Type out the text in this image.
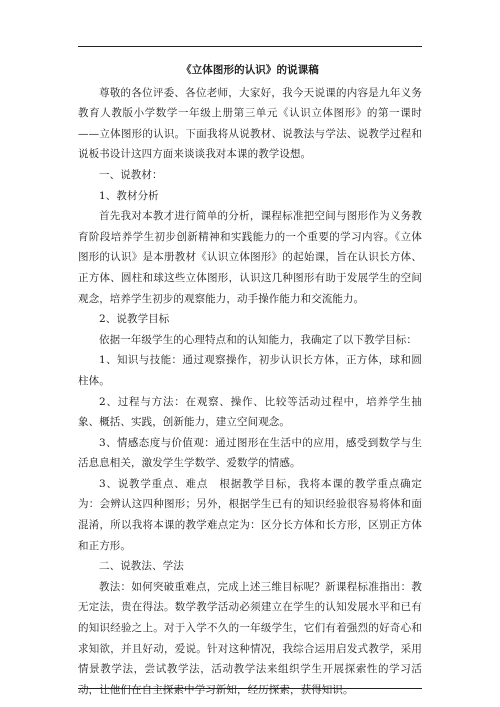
《立体图形的认识》的说课稿

尊敬的各位评委、各位老师，大家好，我今天说课的内容是九年义务教育人教版小学数学一年级上册第三单元《认识立体图形》的第一课时——立体图形的认识。下面我将从说教材、说教法与学法、说教学过程和说板书设计这四方面来谈谈我对本课的教学设想。

一、说教材：

1、教材分析

首先我对本教才进行简单的分析，课程标准把空间与图形作为义务教育阶段培养学生初步创新精神和实践能力的一个重要的学习内容。《立体图形的认识》是本册教材《认识立体图形》的起始课，旨在认识长方体、正方体、圆柱和球这些立体图形，认识这几种图形有助于发展学生的空间观念，培养学生初步的观察能力，动手操作能力和交流能力。

2、说教学目标

依据一年级学生的心理特点和的认知能力，我确定了以下教学目标：

1、知识与技能：通过观察操作，初步认识长方体，正方体，球和圆柱体。

2、过程与方法：在观察、操作、比较等活动过程中，培养学生抽象、概括、实践，创新能力，建立空间观念。

3、情感态度与价值观：通过图形在生活中的应用，感受到数学与生活息息相关，激发学生学数学、爱数学的情感。

3、说教学重点、难点　根据教学目标，我将本课的教学重点确定为：会辨认这四种图形；另外，根据学生已有的知识经验很容易将体和面混淆，所以我将本课的教学难点定为：区分长方体和长方形，区别正方体和正方形。

二、说教法、学法

教法：如何突破重难点，完成上述三维目标呢？新课程标准指出：教无定法，贵在得法。数学教学活动必须建立在学生的认知发展水平和已有的知识经验之上。对于入学不久的一年级学生，它们有着强烈的好奇心和求知欲，并且好动，爱说。针对这种情况，我综合运用启发式教学，采用情景教学法，尝试教学法，活动教学法来组织学生开展探索性的学习活动，让他们在自主探索中学习新知，经历探索，获得知识。
